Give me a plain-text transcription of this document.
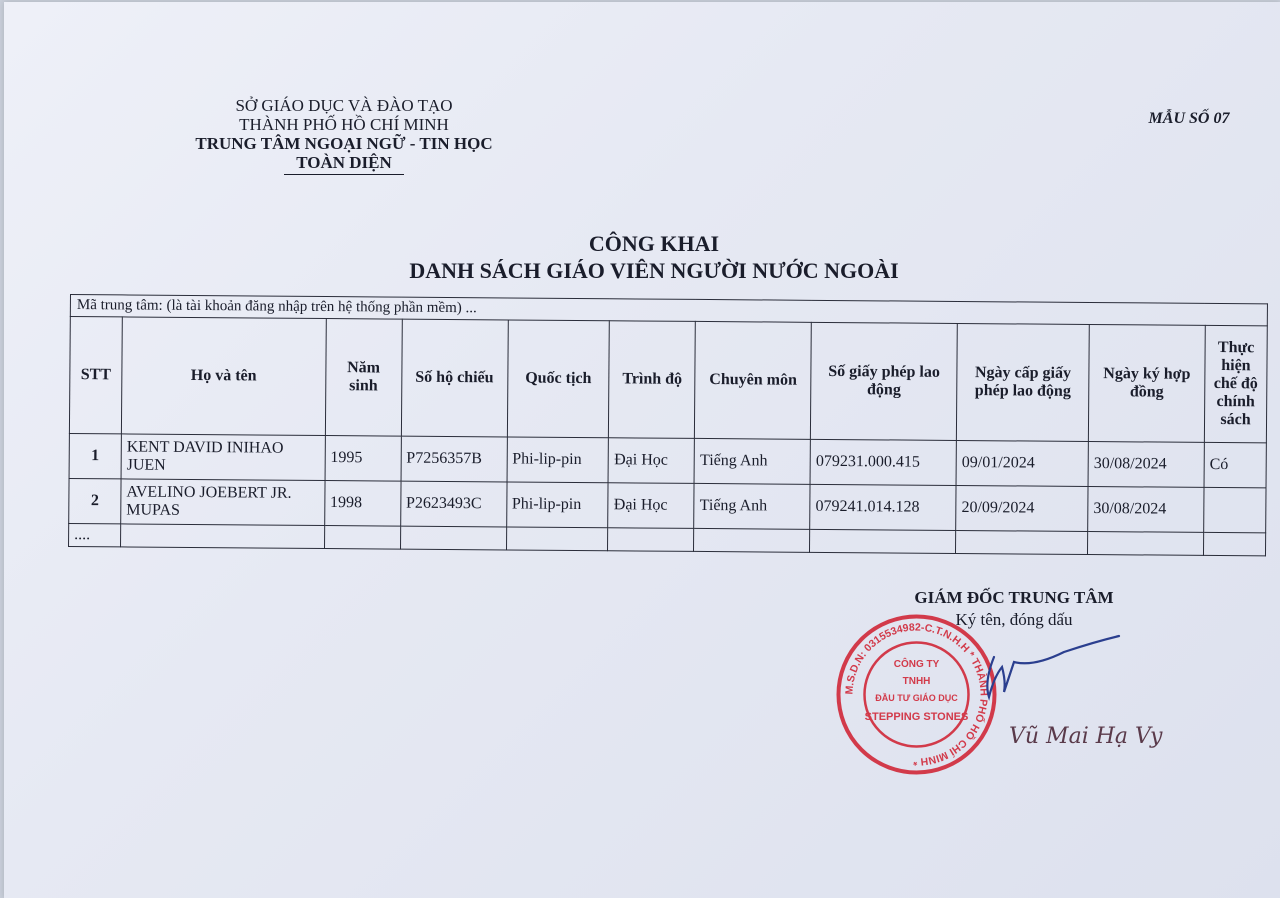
SỞ GIÁO DỤC VÀ ĐÀO TẠO
THÀNH PHỐ HỒ CHÍ MINH
TRUNG TÂM NGOẠI NGỮ - TIN HỌC
TOÀN DIỆN
MẪU SỐ 07
CÔNG KHAI
DANH SÁCH GIÁO VIÊN NGƯỜI NƯỚC NGOÀI
Mã trung tâm: (là tài khoản đăng nhập trên hệ thống phần mềm) ...										
STT	Họ và tên	Năm sinh	Số hộ chiếu	Quốc tịch	Trình độ	Chuyên môn	Số giấy phép lao động	Ngày cấp giấy phép lao động	Ngày ký hợp đồng	Thực hiện chế độ chính sách
1	KENT DAVID INIHAO JUEN	1995	P7256357B	Phi-lip-pin	Đại Học	Tiếng Anh	079231.000.415	09/01/2024	30/08/2024	Có
2	AVELINO JOEBERT JR. MUPAS	1998	P2623493C	Phi-lip-pin	Đại Học	Tiếng Anh	079241.014.128	20/09/2024	30/08/2024	
....										
GIÁM ĐỐC TRUNG TÂM
Ký tên, đóng dấu
M.S.D.N: 0315534982-C.T.N.H.H * THÀNH PHỐ HỒ CHÍ MINH *
CÔNG TY
TNHH
ĐẦU TƯ GIÁO DỤC
STEPPING STONES
Vũ Mai Hạ Vy
